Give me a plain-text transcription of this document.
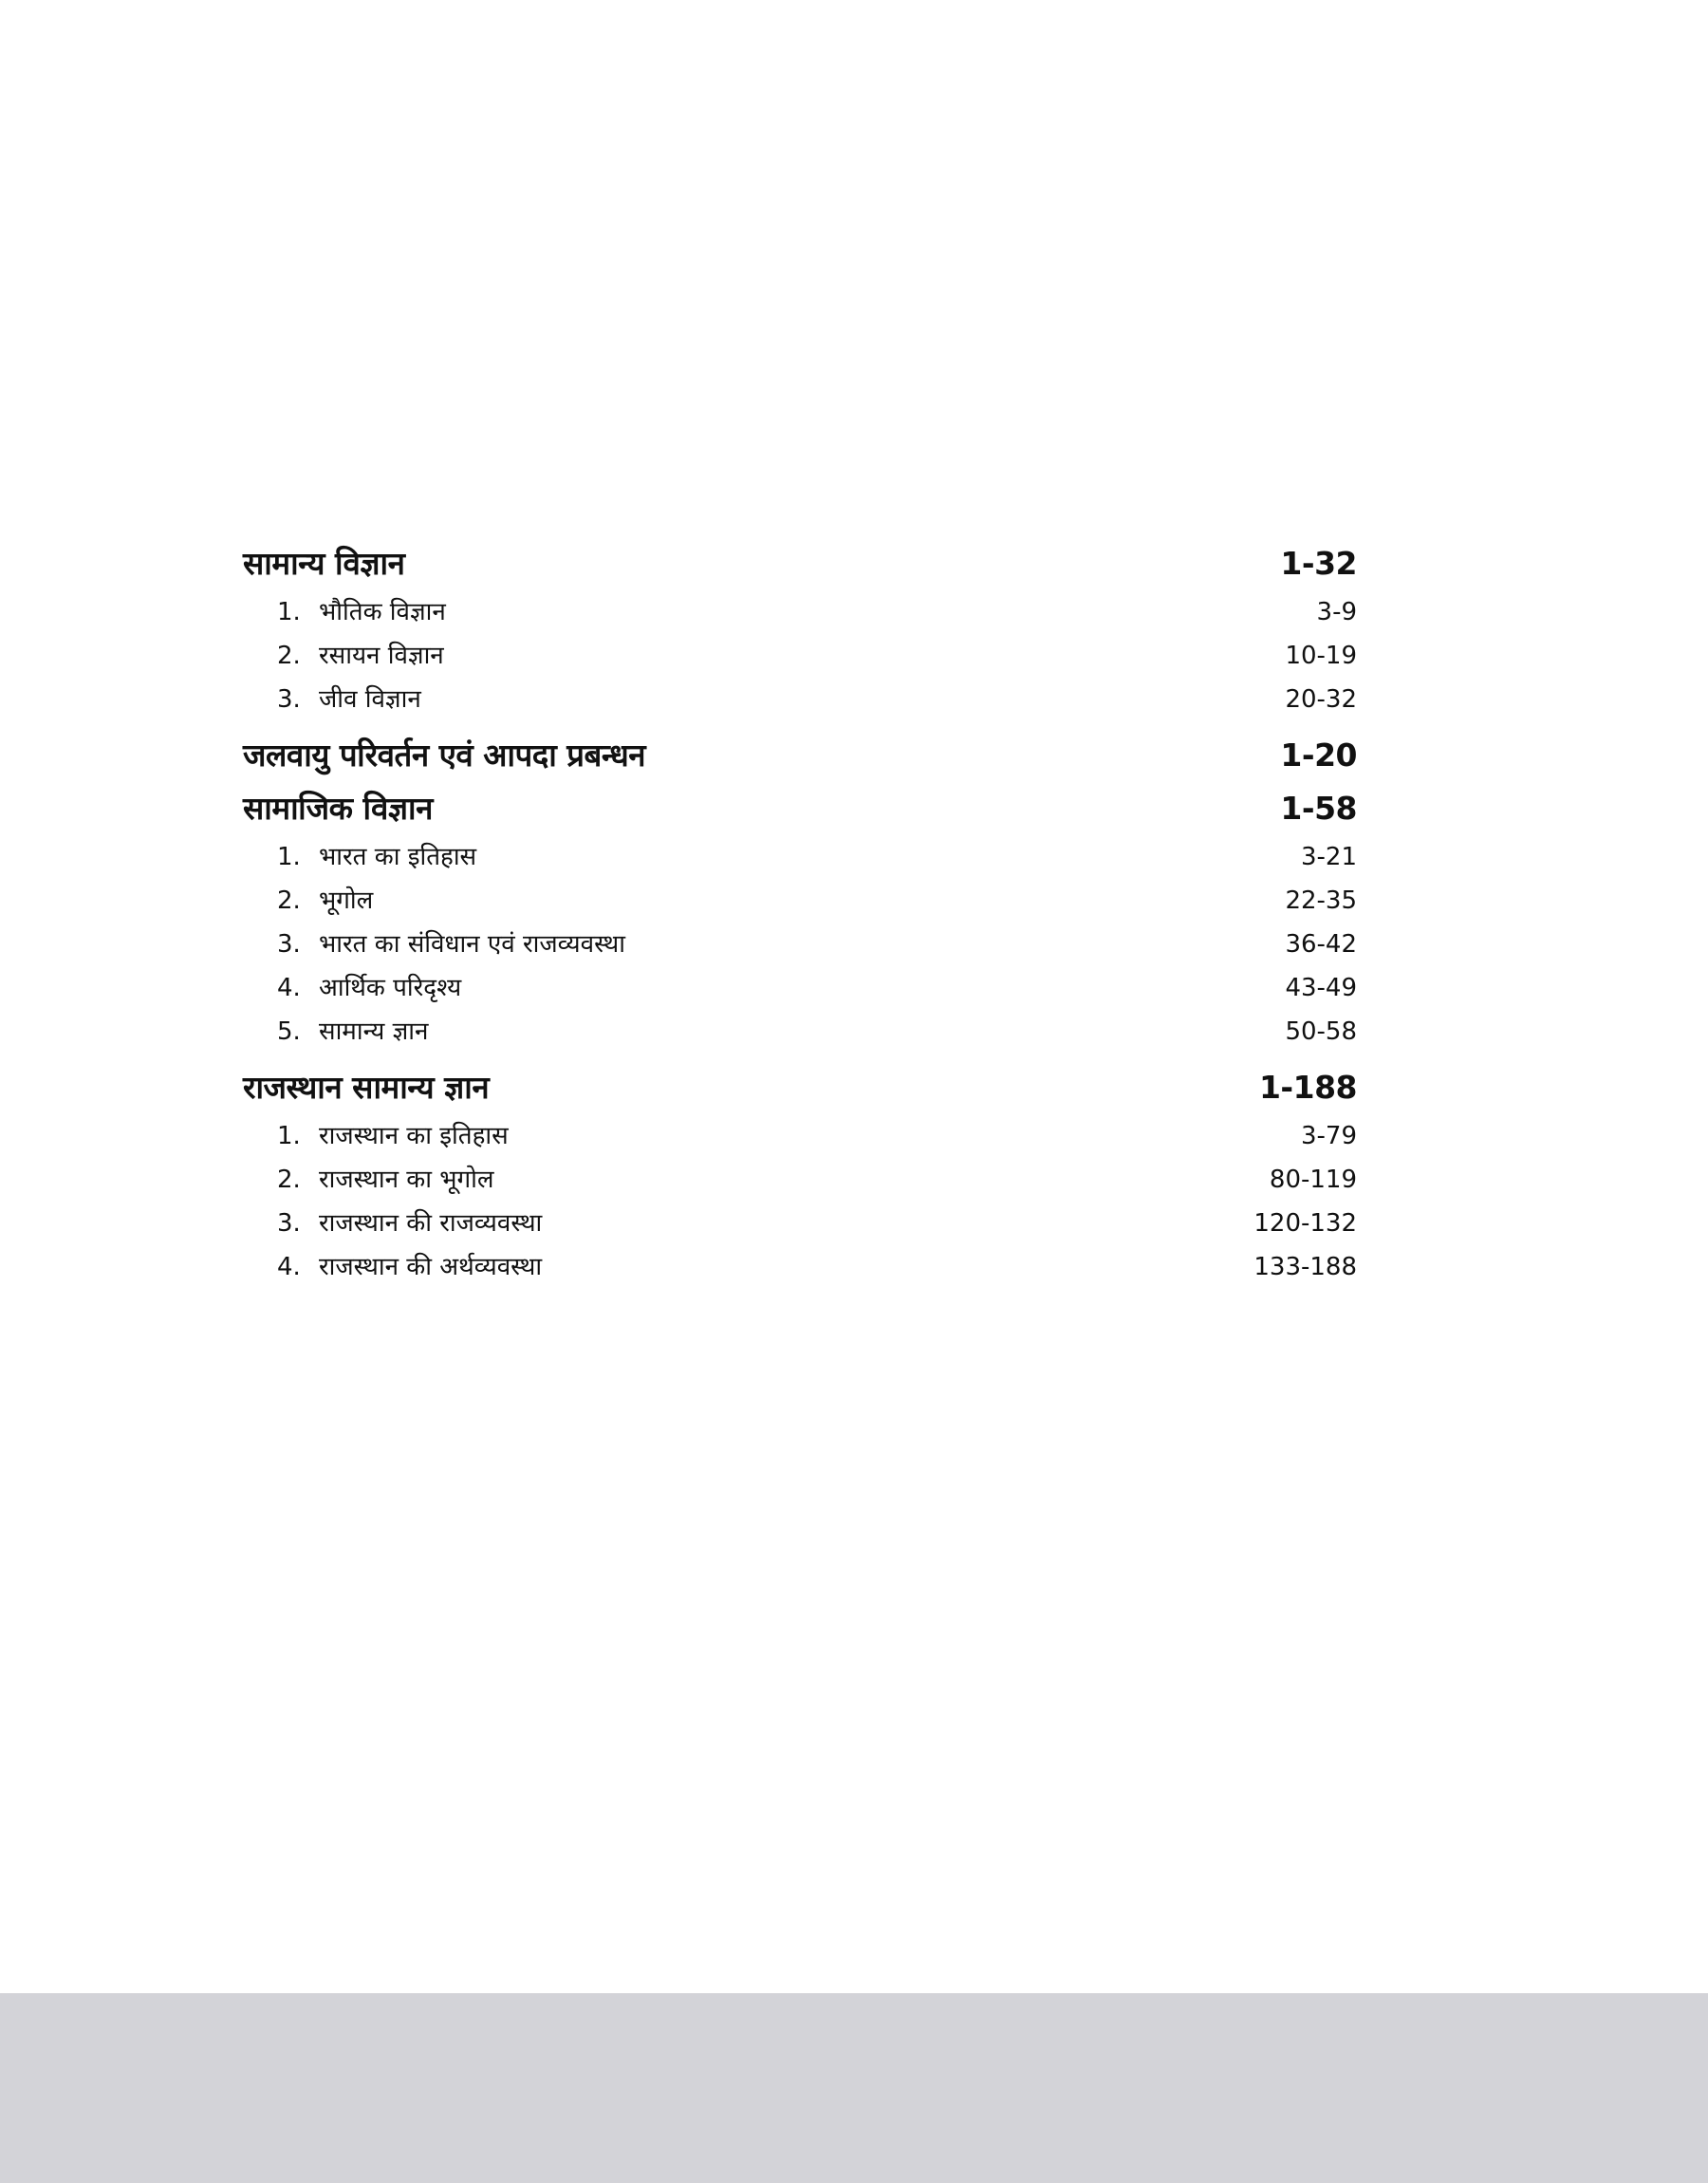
सामान्य विज्ञान	1-32
1. भौतिक विज्ञान	3-9
2. रसायन विज्ञान	10-19
3. जीव विज्ञान	20-32
जलवायु परिवर्तन एवं आपदा प्रबन्धन	1-20
सामाजिक विज्ञान	1-58
1. भारत का इतिहास	3-21
2. भूगोल	22-35
3. भारत का संविधान एवं राजव्यवस्था	36-42
4. आर्थिक परिदृश्य	43-49
5. सामान्य ज्ञान	50-58
राजस्थान सामान्य ज्ञान	1-188
1. राजस्थान का इतिहास	3-79
2. राजस्थान का भूगोल	80-119
3. राजस्थान की राजव्यवस्था	120-132
4. राजस्थान की अर्थव्यवस्था	133-188
